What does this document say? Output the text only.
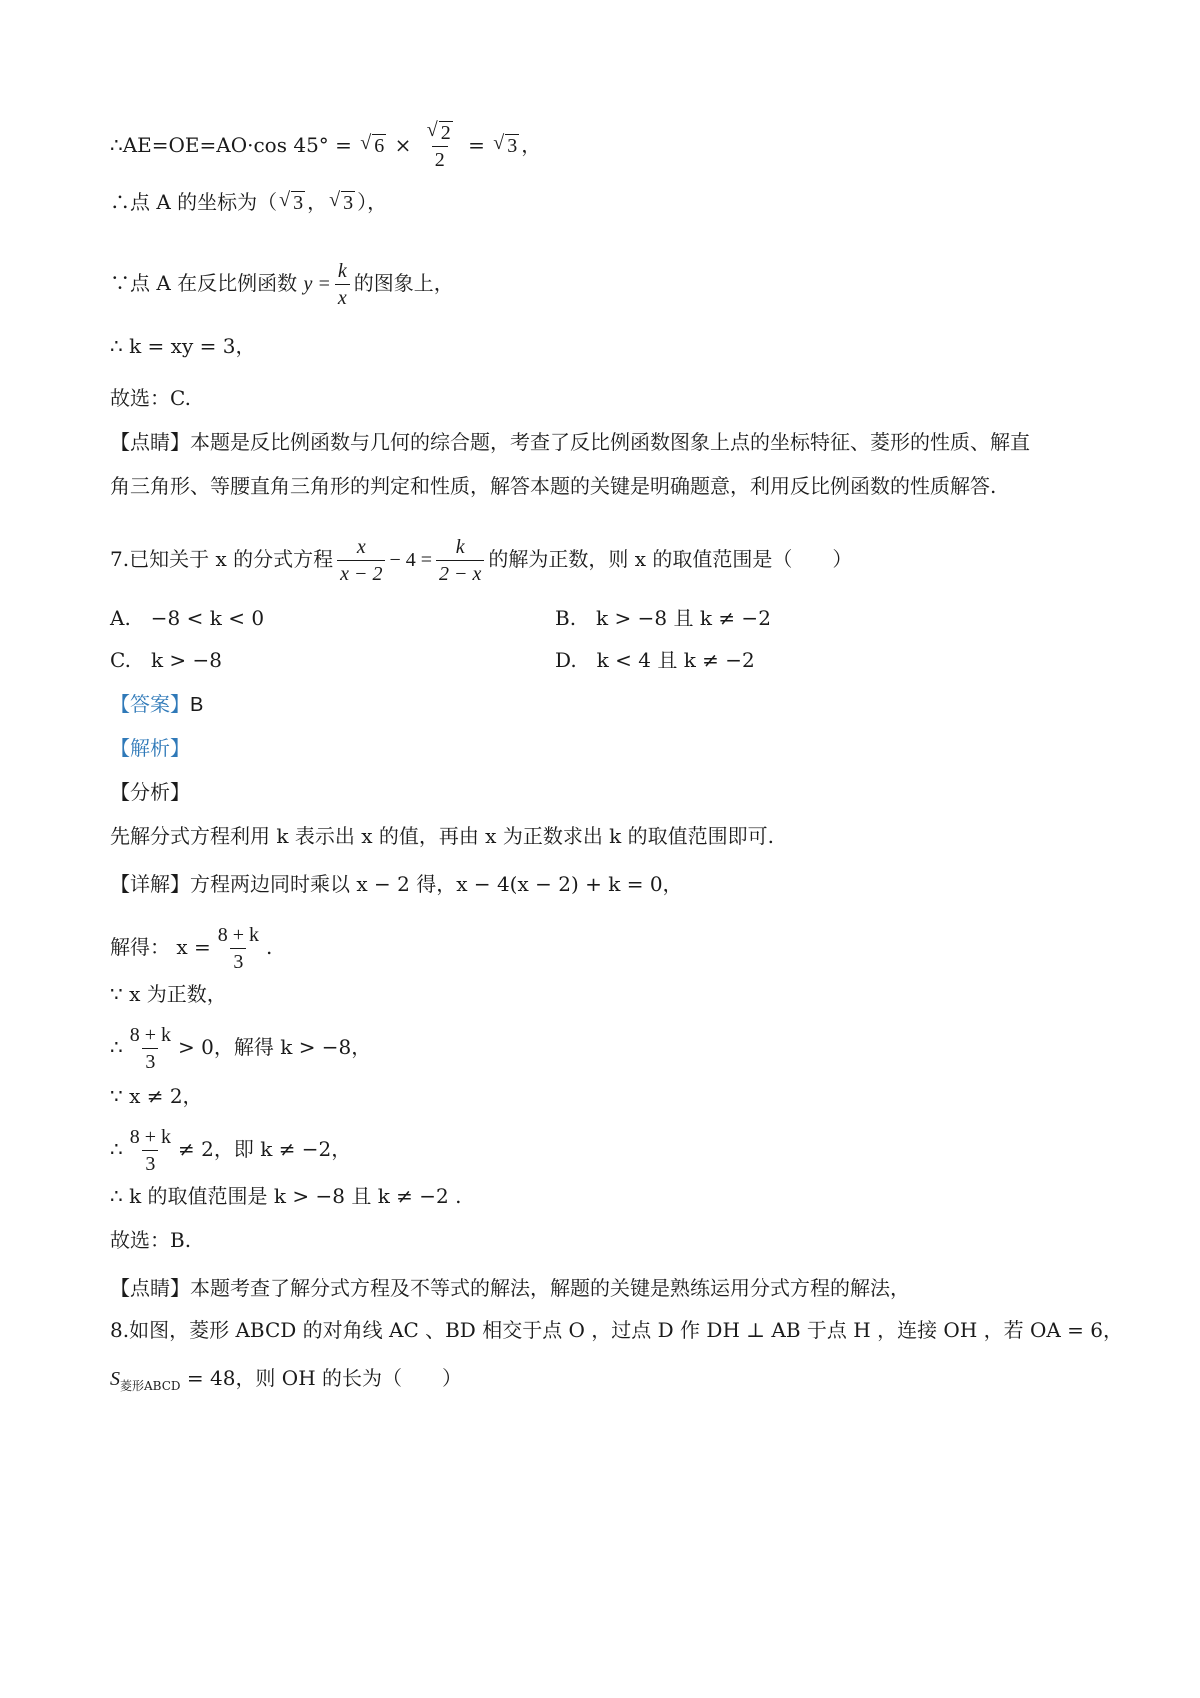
∴AE=OE=AO·cos 45° = √ 6 × √ $\frac{2}{2}$ = √ 3 ，
∴点 A 的坐标为（ √ 3 ， √ 3 ），
∵点 A 在反比例函数 $y = \frac{k}{x}$ 的图象上，
∴ k = xy = 3，
故选：C.
【点睛】本题是反比例函数与几何的综合题，考查了反比例函数图象上点的坐标特征、菱形的性质、解直
角三角形、等腰直角三角形的判定和性质，解答本题的关键是明确题意，利用反比例函数的性质解答.
7.已知关于 x 的分式方程 $\frac{x}{x - 2} - 4 = \frac{k}{2 - x}$ 的解为正数，则 x 的取值范围是（　　）
A.　−8 < k < 0	B.　k > −8 且 k ≠ −2
C.　k > −8	D.　k < 4 且 k ≠ −2
【答案】B
【解析】
【分析】
先解分式方程利用 k 表示出 x 的值，再由 x 为正数求出 k 的取值范围即可.
【详解】方程两边同时乘以 x − 2 得，x − 4(x − 2) + k = 0，
解得： $x = \frac{8 + k}{3}$ .
∵ x 为正数，
∴ $\frac{8 + k}{3} > 0$，解得 k > −8，
∵ x ≠ 2，
∴ $\frac{8 + k}{3} \ne 2$，即 k ≠ −2，
∴ k 的取值范围是 k > −8 且 k ≠ −2 .
故选：B.
【点睛】本题考查了解分式方程及不等式的解法，解题的关键是熟练运用分式方程的解法，
8.如图，菱形 ABCD 的对角线 AC 、BD 相交于点 O ，过点 D 作 DH ⊥ AB 于点 H ，连接 OH ，若 OA = 6，
$S_{菱形ABCD} = 48$，则 OH 的长为（　　）
